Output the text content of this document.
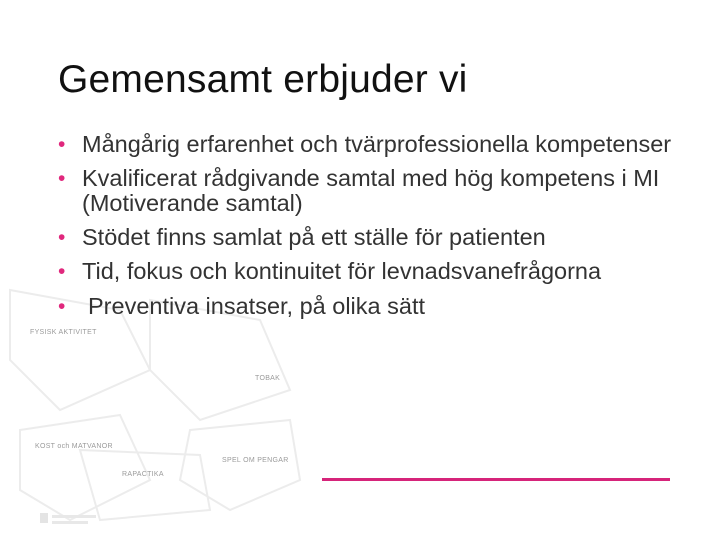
FYSISK AKTIVITET
TOBAK
KOST och MATVANOR
SPEL OM PENGAR
RAPACTIKA
Gemensamt erbjuder vi
• Mångårig erfarenhet och tvärprofessionella kompetenser
• Kvalificerat rådgivande samtal med hög kompetens i MI (Motiverande samtal)
• Stödet finns samlat på ett ställe för patienten
• Tid, fokus och kontinuitet för levnadsvanefrågorna
• Preventiva insatser, på olika sätt
